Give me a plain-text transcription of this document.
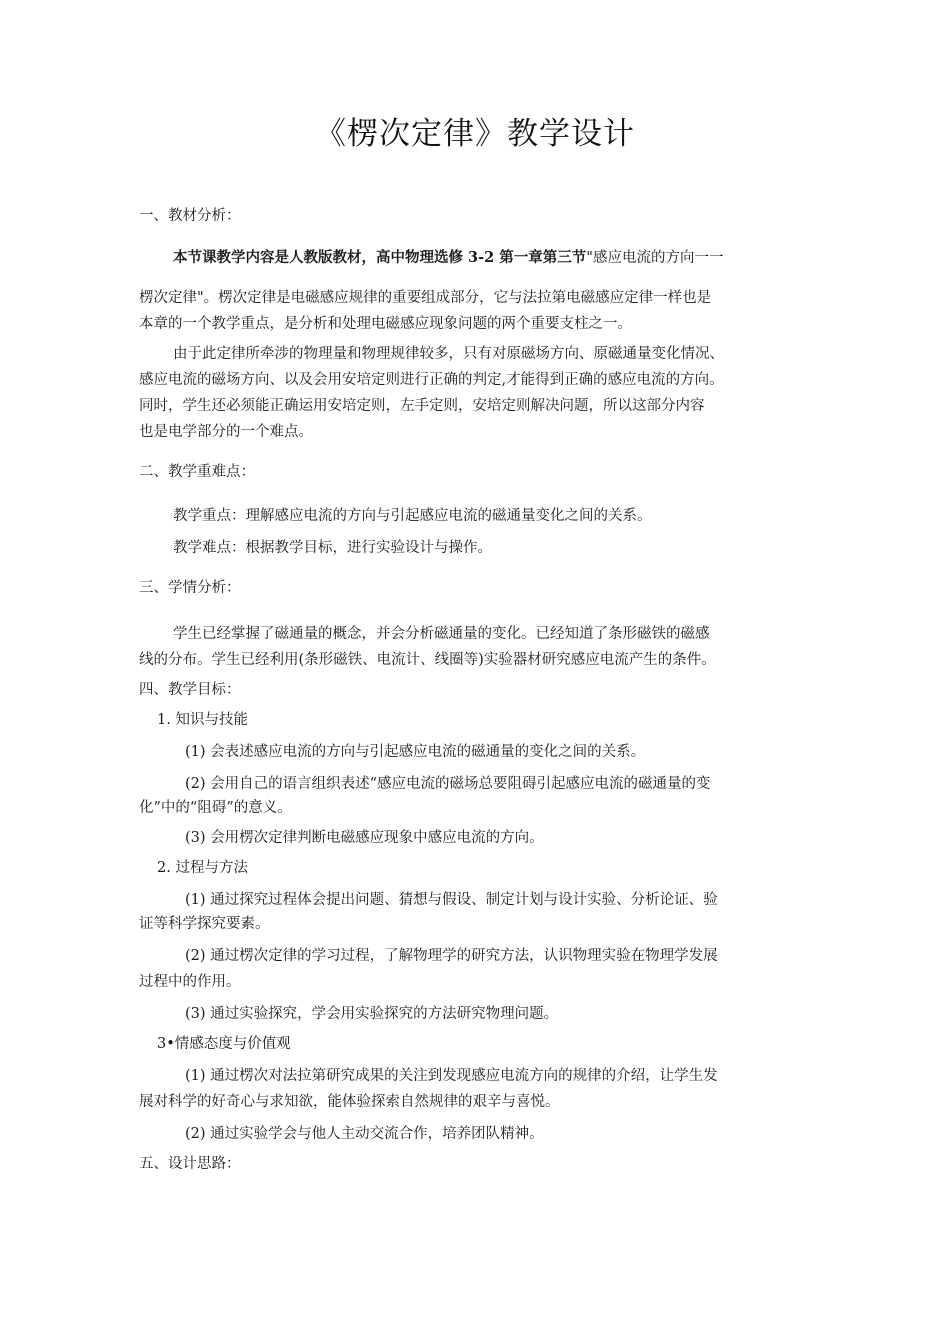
《楞次定律》教学设计
一、教材分析：
本节课教学内容是人教版教材，高中物理选修 3-2 第一章第三节"感应电流的方向一一
楞次定律"。楞次定律是电磁感应规律的重要组成部分，它与法拉第电磁感应定律一样也是
本章的一个教学重点，是分析和处理电磁感应现象问题的两个重要支柱之一。
由于此定律所牵涉的物理量和物理规律较多，只有对原磁场方向、原磁通量变化情况、
感应电流的磁场方向、以及会用安培定则进行正确的判定,才能得到正确的感应电流的方向。
同时，学生还必须能正确运用安培定则，左手定则，安培定则解决问题，所以这部分内容
也是电学部分的一个难点。
二、教学重难点：
教学重点：理解感应电流的方向与引起感应电流的磁通量变化之间的关系。
教学难点：根据教学目标，进行实验设计与操作。
三、学情分析：
学生已经掌握了磁通量的概念，并会分析磁通量的变化。已经知道了条形磁铁的磁感
线的分布。学生已经利用(条形磁铁、电流计、线圈等)实验器材研究感应电流产生的条件。
四、教学目标：
1. 知识与技能
(1) 会表述感应电流的方向与引起感应电流的磁通量的变化之间的关系。
(2) 会用自己的语言组织表述“感应电流的磁场总要阻碍引起感应电流的磁通量的变
化”中的“阻碍”的意义。
(3) 会用楞次定律判断电磁感应现象中感应电流的方向。
2. 过程与方法
(1) 通过探究过程体会提出问题、猜想与假设、制定计划与设计实验、分析论证、验
证等科学探究要素。
(2) 通过楞次定律的学习过程，了解物理学的研究方法，认识物理实验在物理学发展
过程中的作用。
(3) 通过实验探究，学会用实验探究的方法研究物理问题。
3•情感态度与价值观
(1) 通过楞次对法拉第研究成果的关注到发现感应电流方向的规律的介绍，让学生发
展对科学的好奇心与求知欲，能体验探索自然规律的艰辛与喜悦。
(2) 通过实验学会与他人主动交流合作，培养团队精神。
五、设计思路：
